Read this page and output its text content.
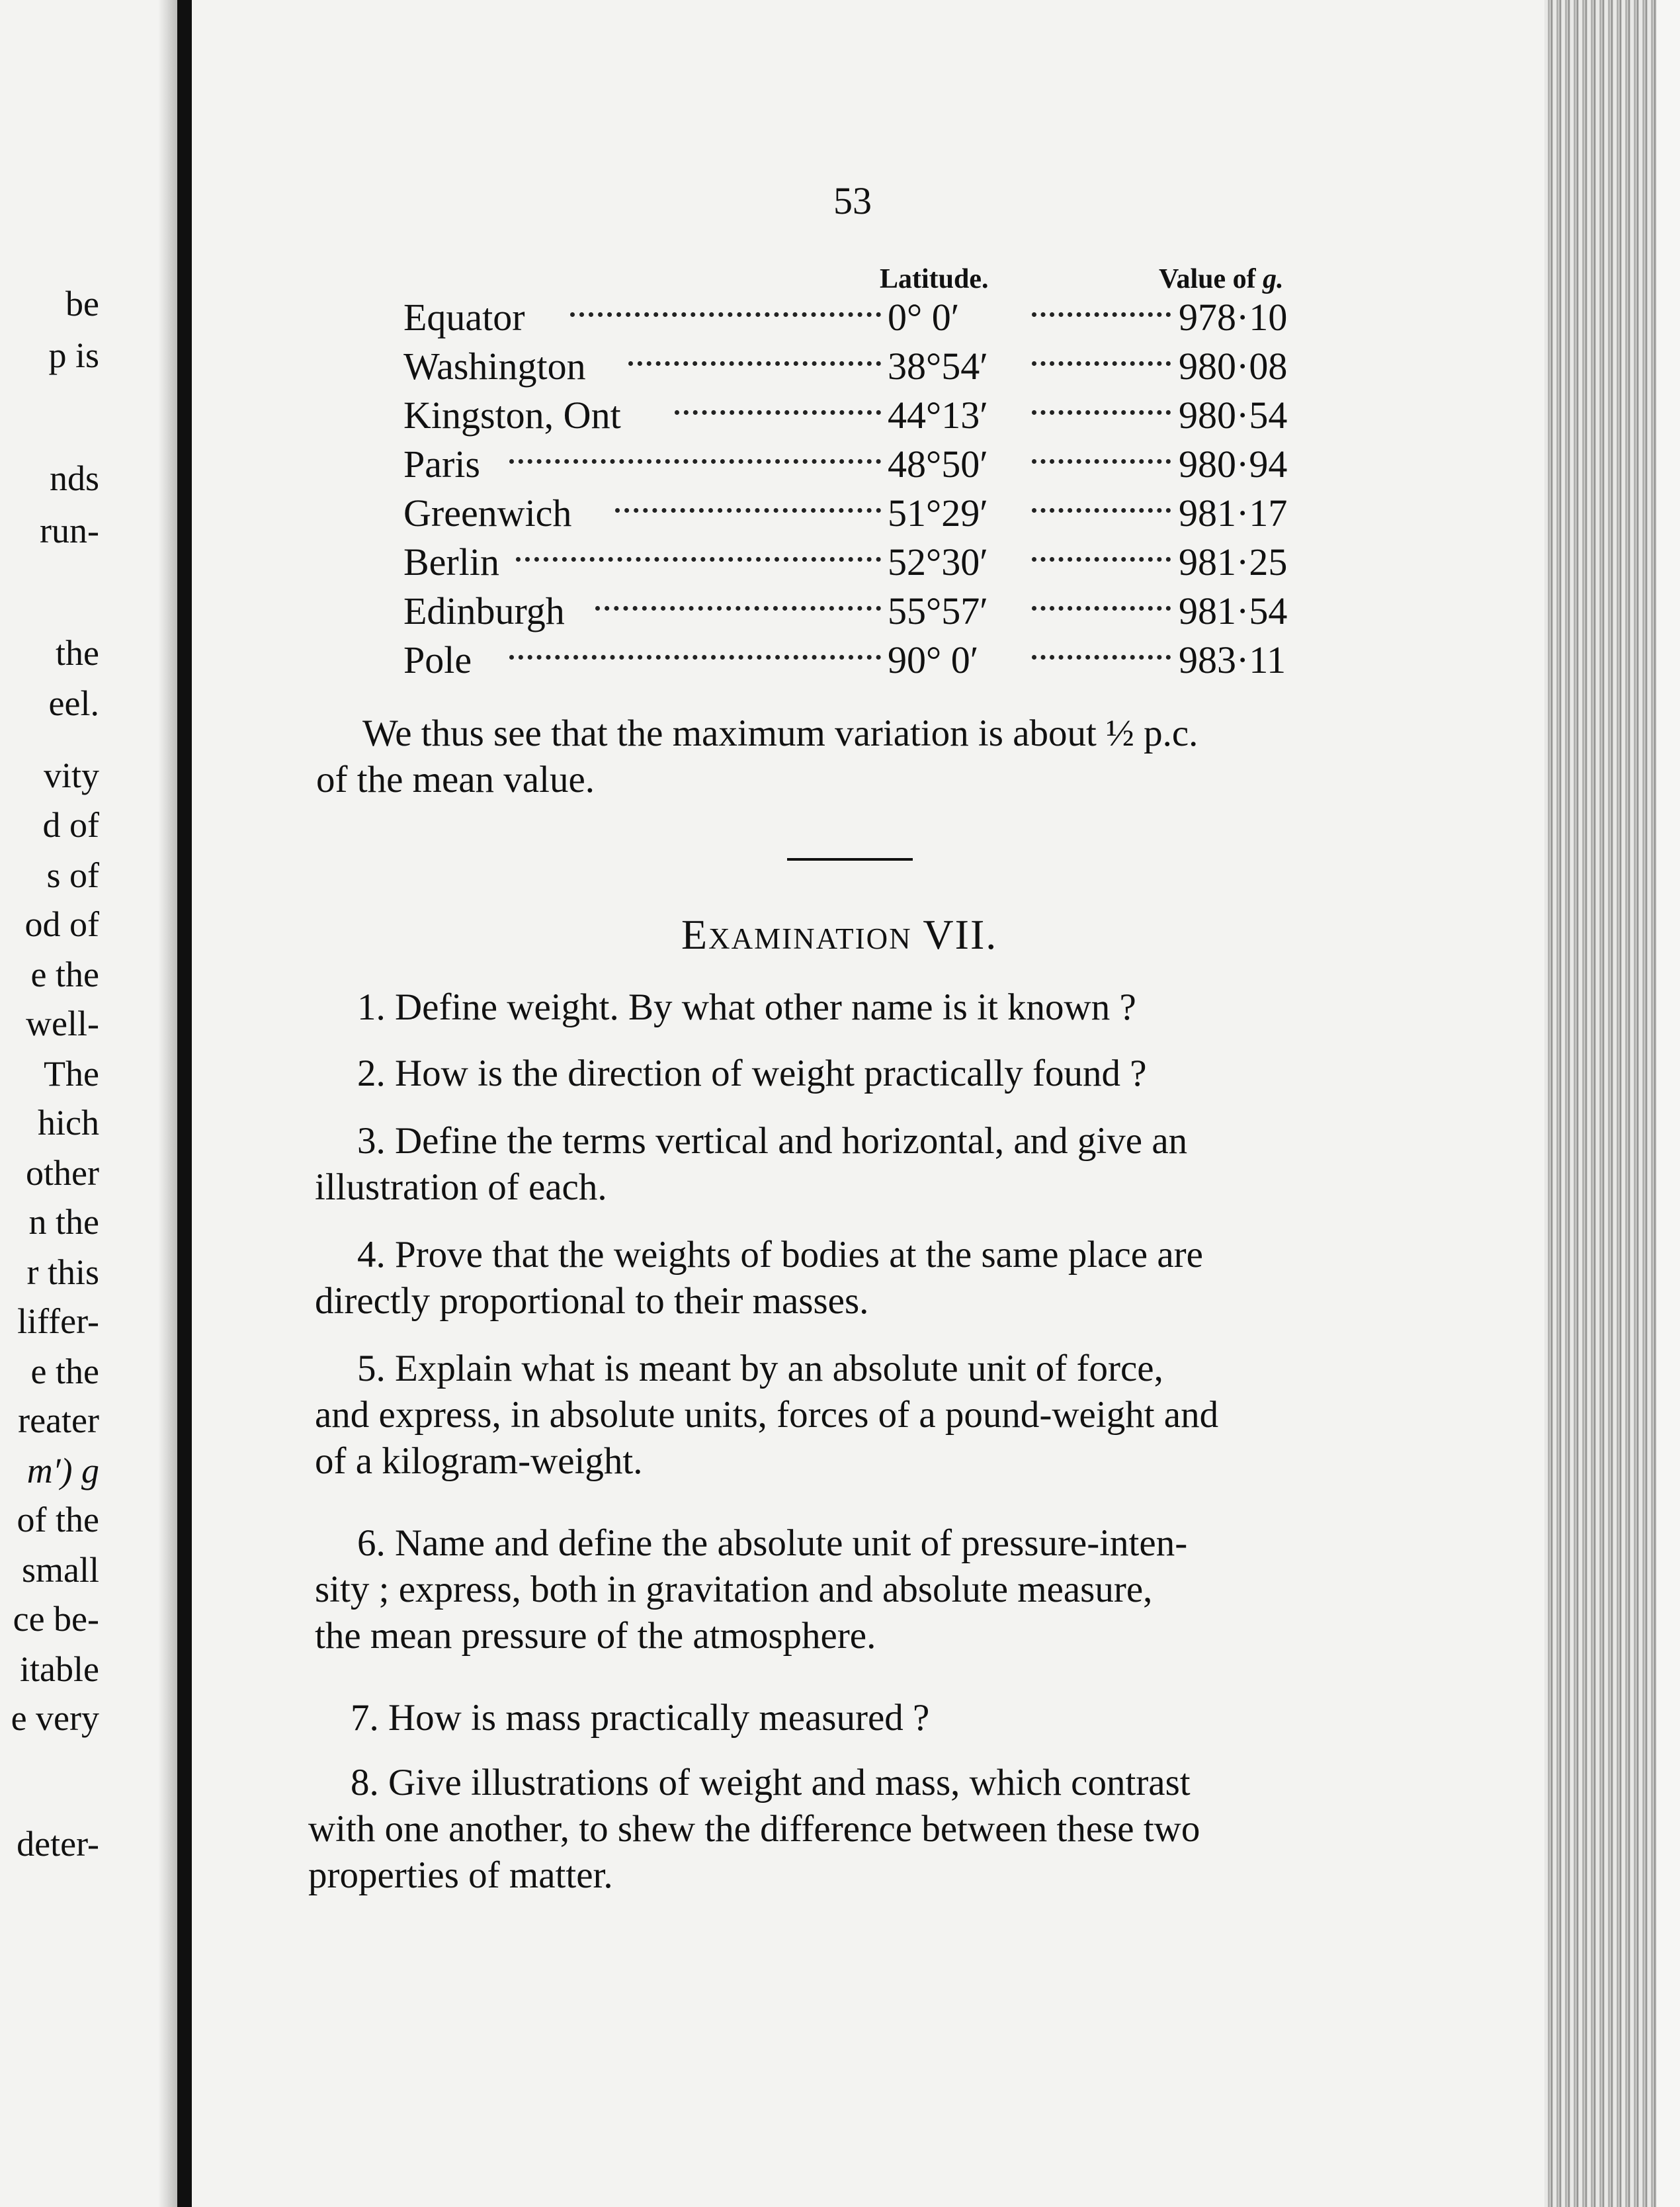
be
p is
nds
run-
the
eel.
vity
d of
s of
od of
e the
well-
The
hich
other
n the
r this
liffer-
e the
reater
m′) g
of the
small
ce be-
itable
e very
deter-
53
Latitude.	Value of g.
Equator	0° 0′	978·10
Washington	38°54′	980·08
Kingston, Ont	44°13′	980·54
Paris	48°50′	980·94
Greenwich	51°29′	981·17
Berlin	52°30′	981·25
Edinburgh	55°57′	981·54
Pole	90° 0′	983·11
We thus see that the maximum variation is about ½ p.c.
of the mean value.
Examination VII.
1. Define weight. By what other name is it known ?
2. How is the direction of weight practically found ?
3. Define the terms vertical and horizontal, and give an
illustration of each.
4. Prove that the weights of bodies at the same place are
directly proportional to their masses.
5. Explain what is meant by an absolute unit of force,
and express, in absolute units, forces of a pound-weight and
of a kilogram-weight.
6. Name and define the absolute unit of pressure-inten-
sity ; express, both in gravitation and absolute measure,
the mean pressure of the atmosphere.
7. How is mass practically measured ?
8. Give illustrations of weight and mass, which contrast
with one another, to shew the difference between these two
properties of matter.
